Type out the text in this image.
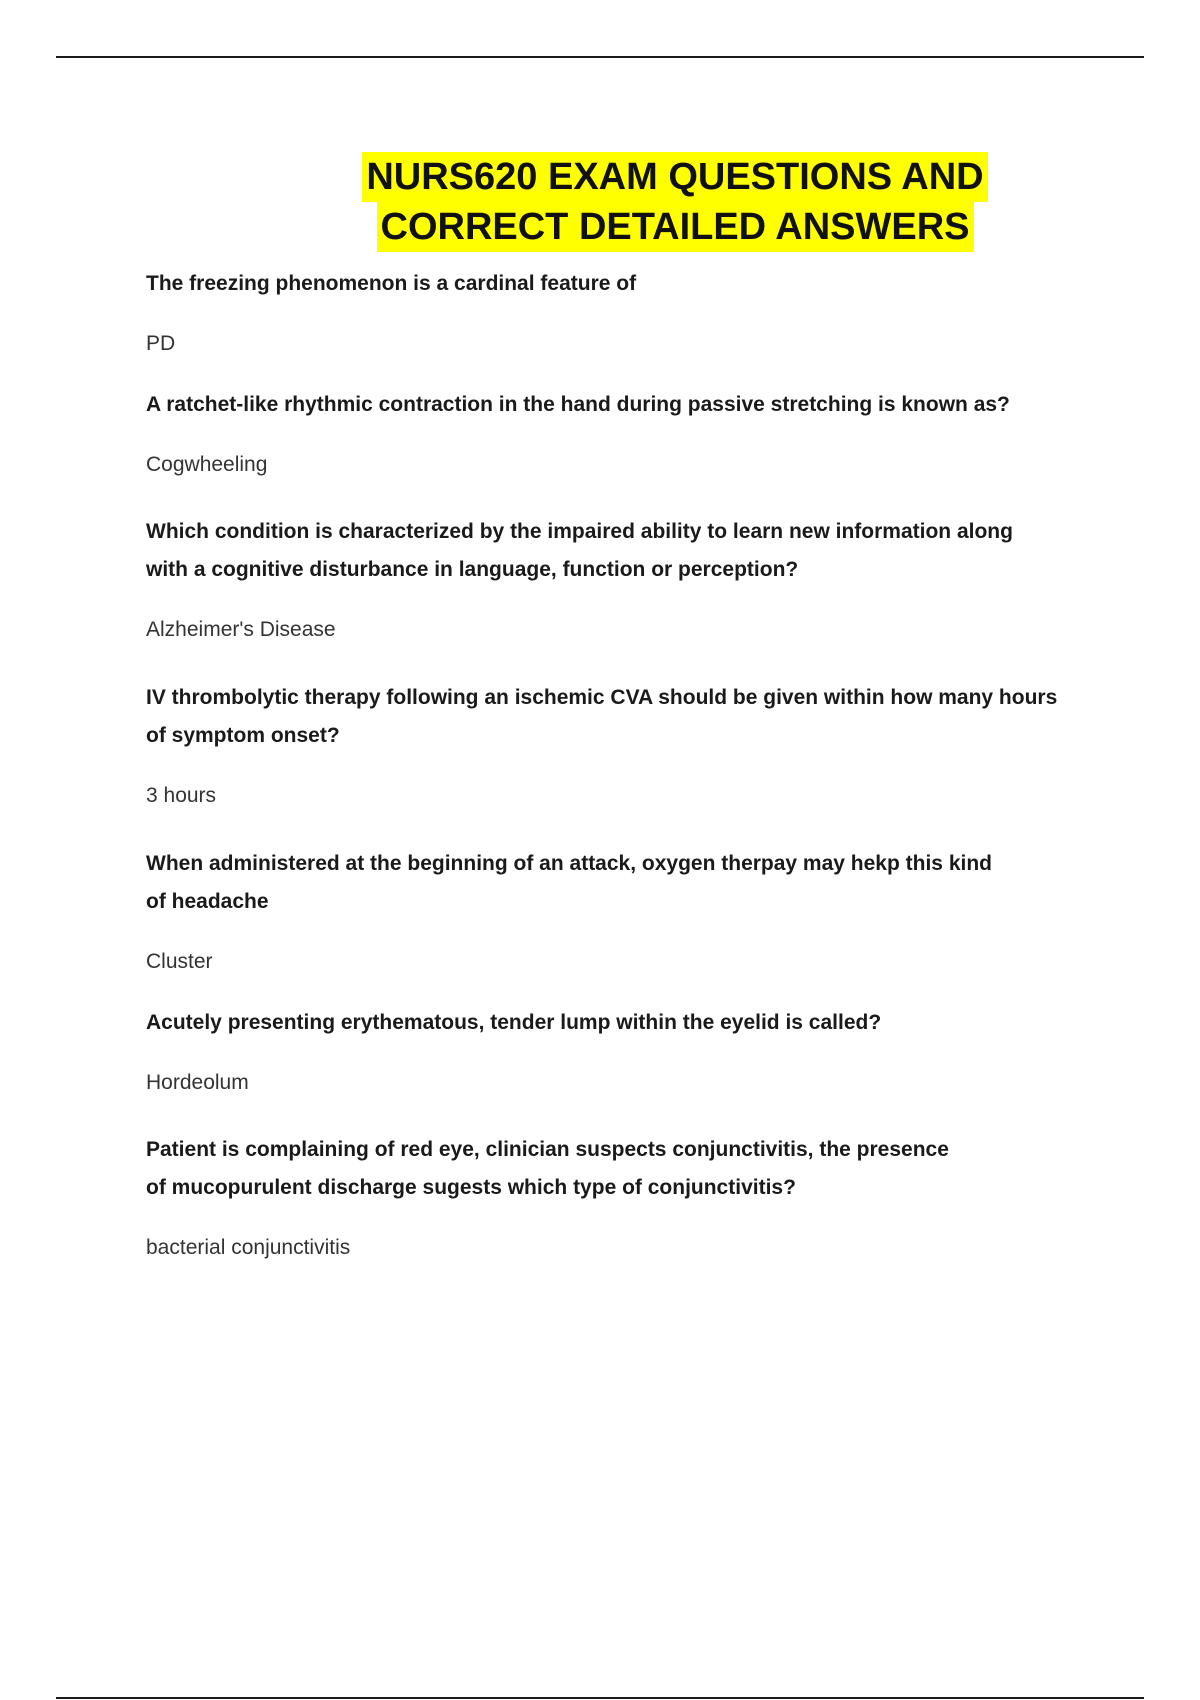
NURS620 EXAM QUESTIONS AND
CORRECT DETAILED ANSWERS

The freezing phenomenon is a cardinal feature of

PD

A ratchet-like rhythmic contraction in the hand during passive stretching is known as?

Cogwheeling

Which condition is characterized by the impaired ability to learn new information along

with a cognitive disturbance in language, function or perception?

Alzheimer's Disease

IV thrombolytic therapy following an ischemic CVA should be given within how many hours

of symptom onset?

3 hours

When administered at the beginning of an attack, oxygen therpay may hekp this kind

of headache

Cluster

Acutely presenting erythematous, tender lump within the eyelid is called?

Hordeolum

Patient is complaining of red eye, clinician suspects conjunctivitis, the presence

of mucopurulent discharge sugests which type of conjunctivitis?

bacterial conjunctivitis
